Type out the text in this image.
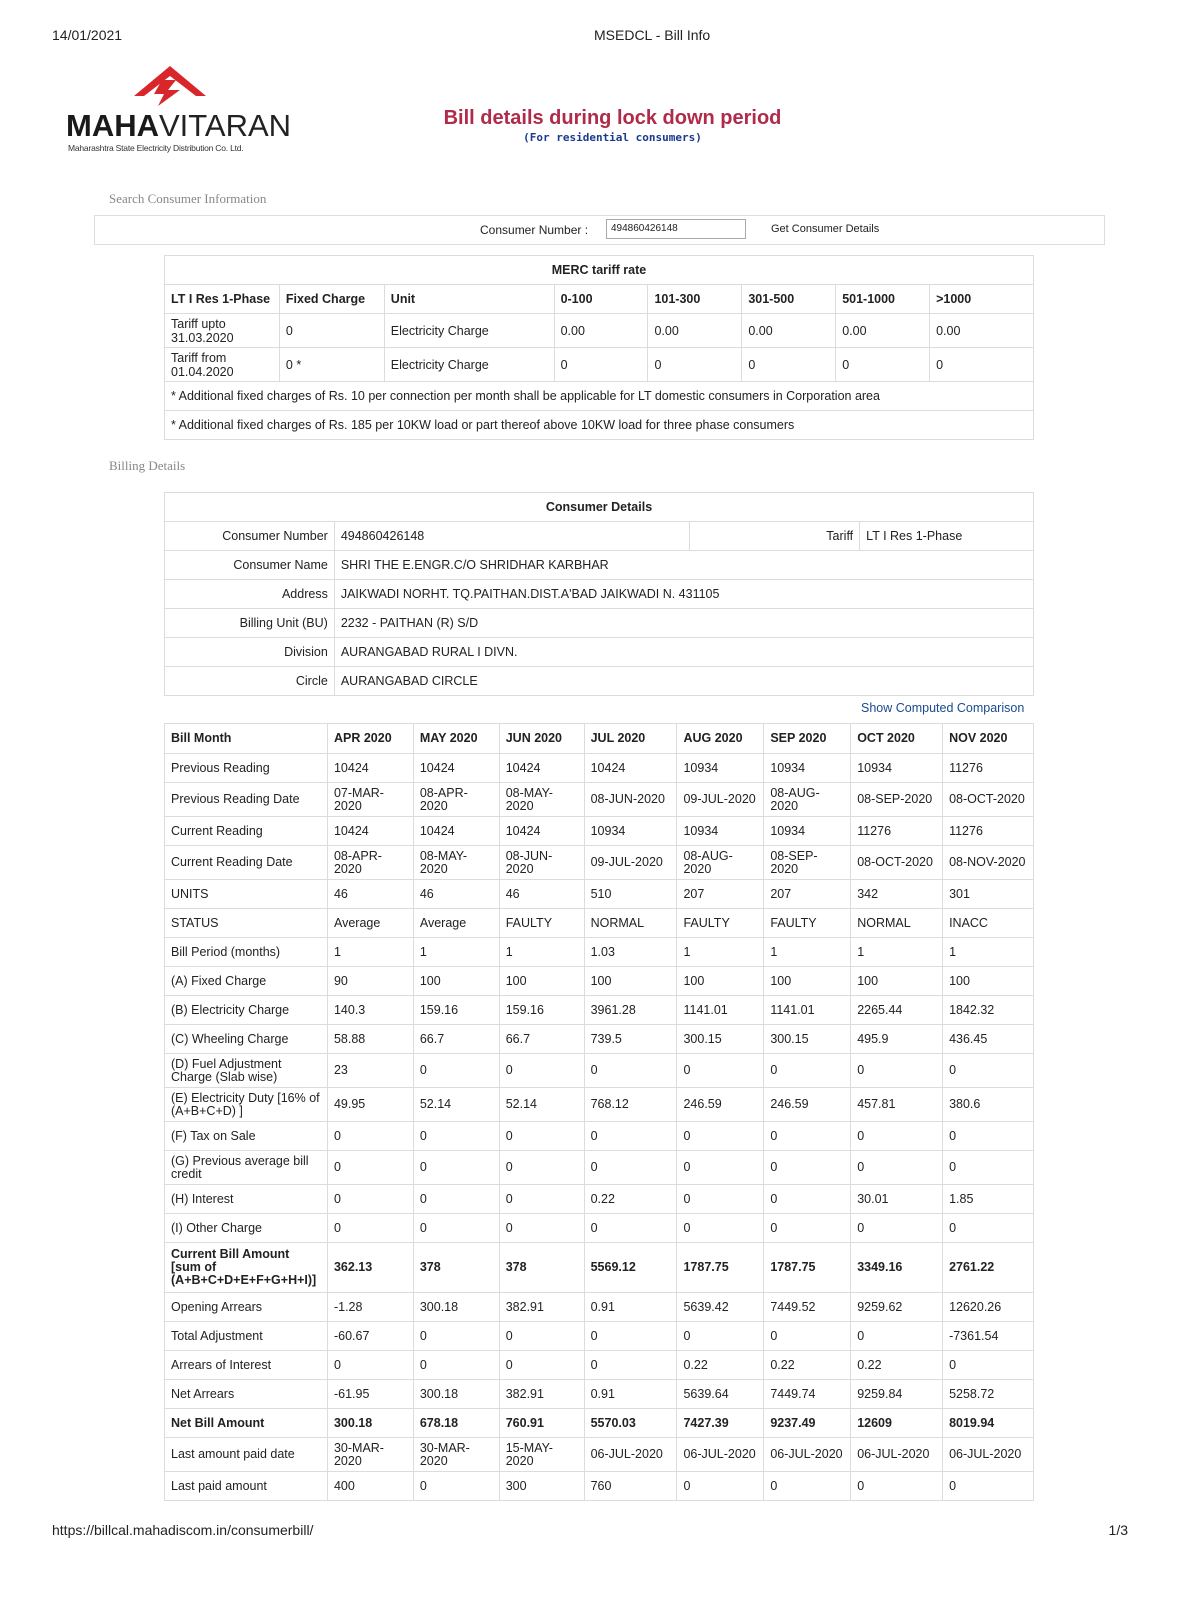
14/01/2021	MSEDCL - Bill Info
MAHAVITARAN
Maharashtra State Electricity Distribution Co. Ltd.
Bill details during lock down period
(For residential consumers)
Search Consumer Information
Consumer Number :	494860426148	Get Consumer Details
MERC tariff rate							
LT I Res 1-Phase	Fixed Charge	Unit	0-100	101-300	301-500	501-1000	>1000
Tariff upto 31.03.2020	0	Electricity Charge	0.00	0.00	0.00	0.00	0.00
Tariff from 01.04.2020	0 *	Electricity Charge	0	0	0	0	0
* Additional fixed charges of Rs. 10 per connection per month shall be applicable for LT domestic consumers in Corporation area							
* Additional fixed charges of Rs. 185 per 10KW load or part thereof above 10KW load for three phase consumers							
Billing Details
Consumer Details			
Consumer Number	494860426148	Tariff	LT I Res 1-Phase
Consumer Name	SHRI THE E.ENGR.C/O SHRIDHAR KARBHAR		
Address	JAIKWADI NORHT. TQ.PAITHAN.DIST.A'BAD JAIKWADI N. 431105		
Billing Unit (BU)	2232 - PAITHAN (R) S/D		
Division	AURANGABAD RURAL I DIVN.		
Circle	AURANGABAD CIRCLE		
Show Computed Comparison
Bill Month	APR 2020	MAY 2020	JUN 2020	JUL 2020	AUG 2020	SEP 2020	OCT 2020	NOV 2020
Previous Reading	10424	10424	10424	10424	10934	10934	10934	11276
Previous Reading Date	07-MAR-2020	08-APR-2020	08-MAY-2020	08-JUN-2020	09-JUL-2020	08-AUG-2020	08-SEP-2020	08-OCT-2020
Current Reading	10424	10424	10424	10934	10934	10934	11276	11276
Current Reading Date	08-APR-2020	08-MAY-2020	08-JUN-2020	09-JUL-2020	08-AUG-2020	08-SEP-2020	08-OCT-2020	08-NOV-2020
UNITS	46	46	46	510	207	207	342	301
STATUS	Average	Average	FAULTY	NORMAL	FAULTY	FAULTY	NORMAL	INACC
Bill Period (months)	1	1	1	1.03	1	1	1	1
(A) Fixed Charge	90	100	100	100	100	100	100	100
(B) Electricity Charge	140.3	159.16	159.16	3961.28	1141.01	1141.01	2265.44	1842.32
(C) Wheeling Charge	58.88	66.7	66.7	739.5	300.15	300.15	495.9	436.45
(D) Fuel Adjustment Charge (Slab wise)	23	0	0	0	0	0	0	0
(E) Electricity Duty [16% of (A+B+C+D) ]	49.95	52.14	52.14	768.12	246.59	246.59	457.81	380.6
(F) Tax on Sale	0	0	0	0	0	0	0	0
(G) Previous average bill credit	0	0	0	0	0	0	0	0
(H) Interest	0	0	0	0.22	0	0	30.01	1.85
(I) Other Charge	0	0	0	0	0	0	0	0
Current Bill Amount [sum of (A+B+C+D+E+F+G+H+I)]	362.13	378	378	5569.12	1787.75	1787.75	3349.16	2761.22
Opening Arrears	-1.28	300.18	382.91	0.91	5639.42	7449.52	9259.62	12620.26
Total Adjustment	-60.67	0	0	0	0	0	0	-7361.54
Arrears of Interest	0	0	0	0	0.22	0.22	0.22	0
Net Arrears	-61.95	300.18	382.91	0.91	5639.64	7449.74	9259.84	5258.72
Net Bill Amount	300.18	678.18	760.91	5570.03	7427.39	9237.49	12609	8019.94
Last amount paid date	30-MAR-2020	30-MAR-2020	15-MAY-2020	06-JUL-2020	06-JUL-2020	06-JUL-2020	06-JUL-2020	06-JUL-2020
Last paid amount	400	0	300	760	0	0	0	0
https://billcal.mahadiscom.in/consumerbill/	1/3
